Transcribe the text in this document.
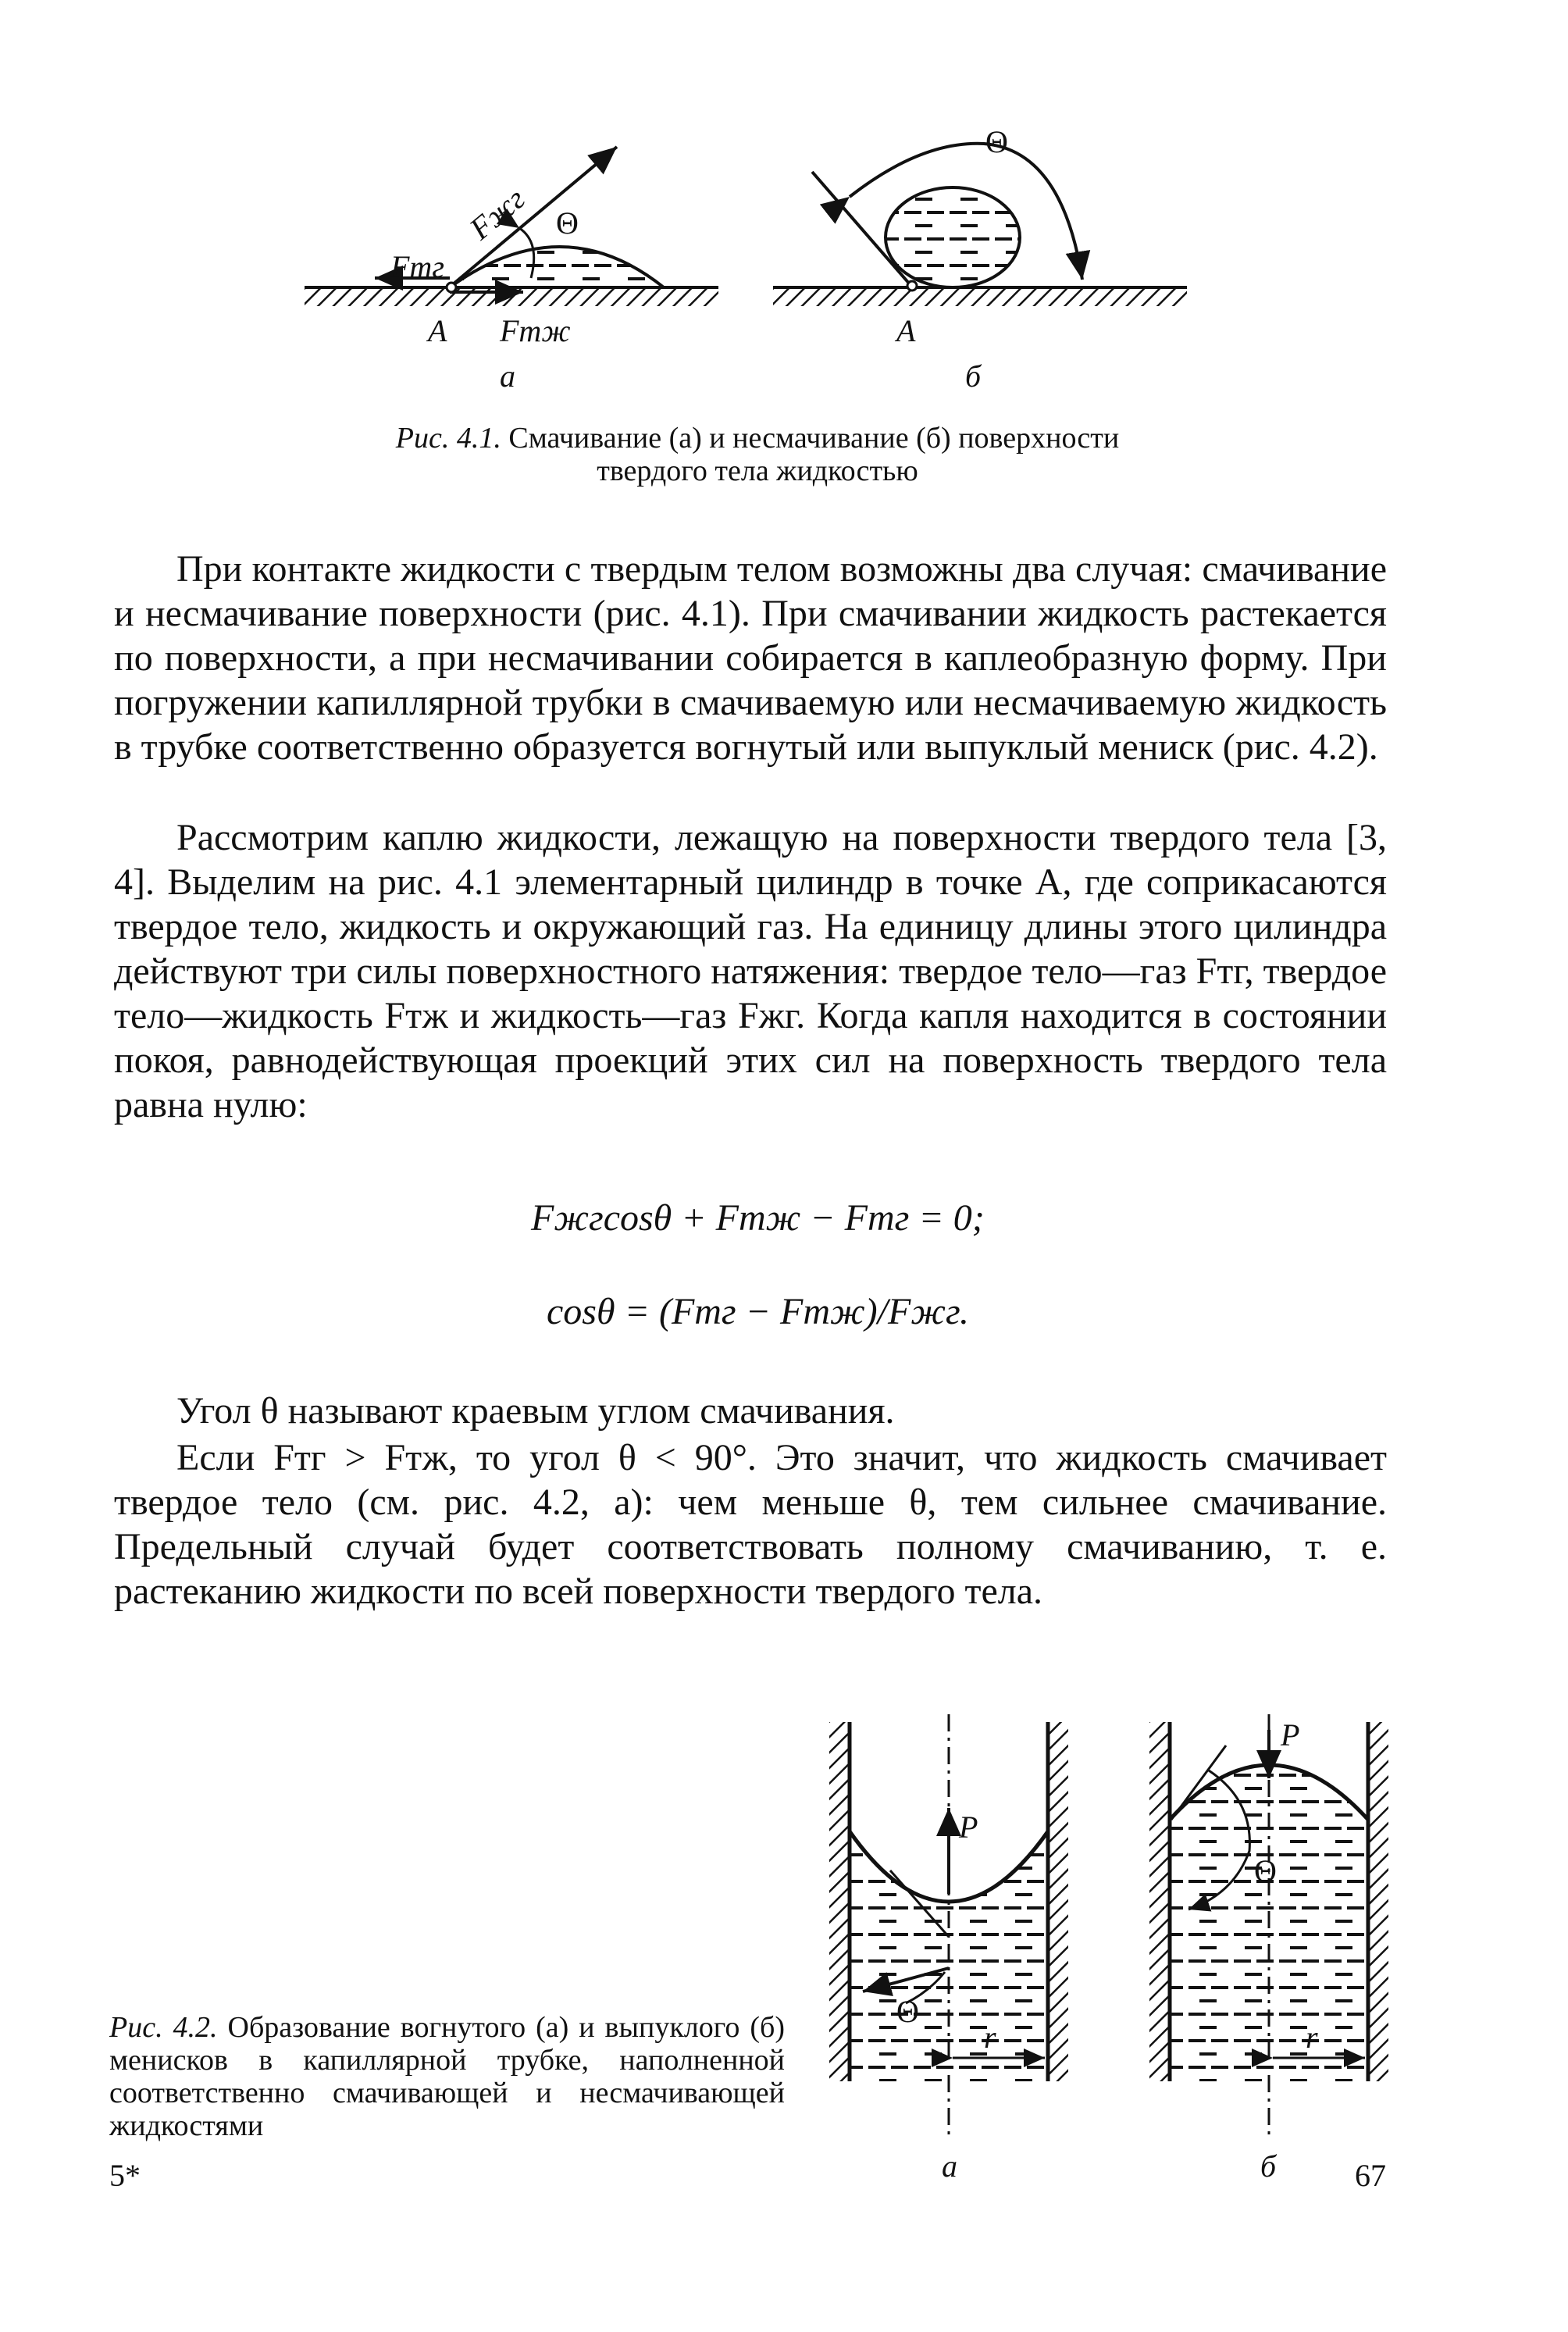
Fжг
Fтг
Θ
A Fтж
а
Θ
A
б
Рис. 4.1. Смачивание (а) и несмачивание (б) поверхности
твердого тела жидкостью

При контакте жидкости с твердым телом возможны два случая: смачивание и несмачивание поверхности (рис. 4.1). При смачивании жидкость растекается по поверхности, а при несмачивании собирается в каплеобразную форму. При погружении капиллярной трубки в смачиваемую или несмачиваемую жидкость в трубке соответственно образуется вогнутый или выпуклый мениск (рис. 4.2).

Рассмотрим каплю жидкости, лежащую на поверхности твердого тела [3, 4]. Выделим на рис. 4.1 элементарный цилиндр в точке A, где соприкасаются твердое тело, жидкость и окружающий газ. На единицу длины этого цилиндра действуют три силы поверхностного натяжения: твердое тело—газ Fтг, твердое тело—жидкость Fтж и жидкость—газ Fжг. Когда капля находится в состоянии покоя, равнодействующая проекций этих сил на поверхность твердого тела равна нулю:

Fжгcosθ + Fтж − Fтг = 0;
cosθ = (Fтг − Fтж)/Fжг.

Угол θ называют краевым углом смачивания.

Если Fтг > Fтж, то угол θ < 90°. Это значит, что жидкость смачивает твердое тело (см. рис. 4.2, а): чем меньше θ, тем сильнее смачивание. Предельный случай будет соответствовать полному смачиванию, т. е. растеканию жидкости по всей поверхности твердого тела.

P
Θ
r
а
P
Θ
r
б
Рис. 4.2. Образование вогнутого (а) и выпуклого (б) менисков в капиллярной трубке, наполненной соответственно смачивающей и несмачивающей жидкостями
5*	67
